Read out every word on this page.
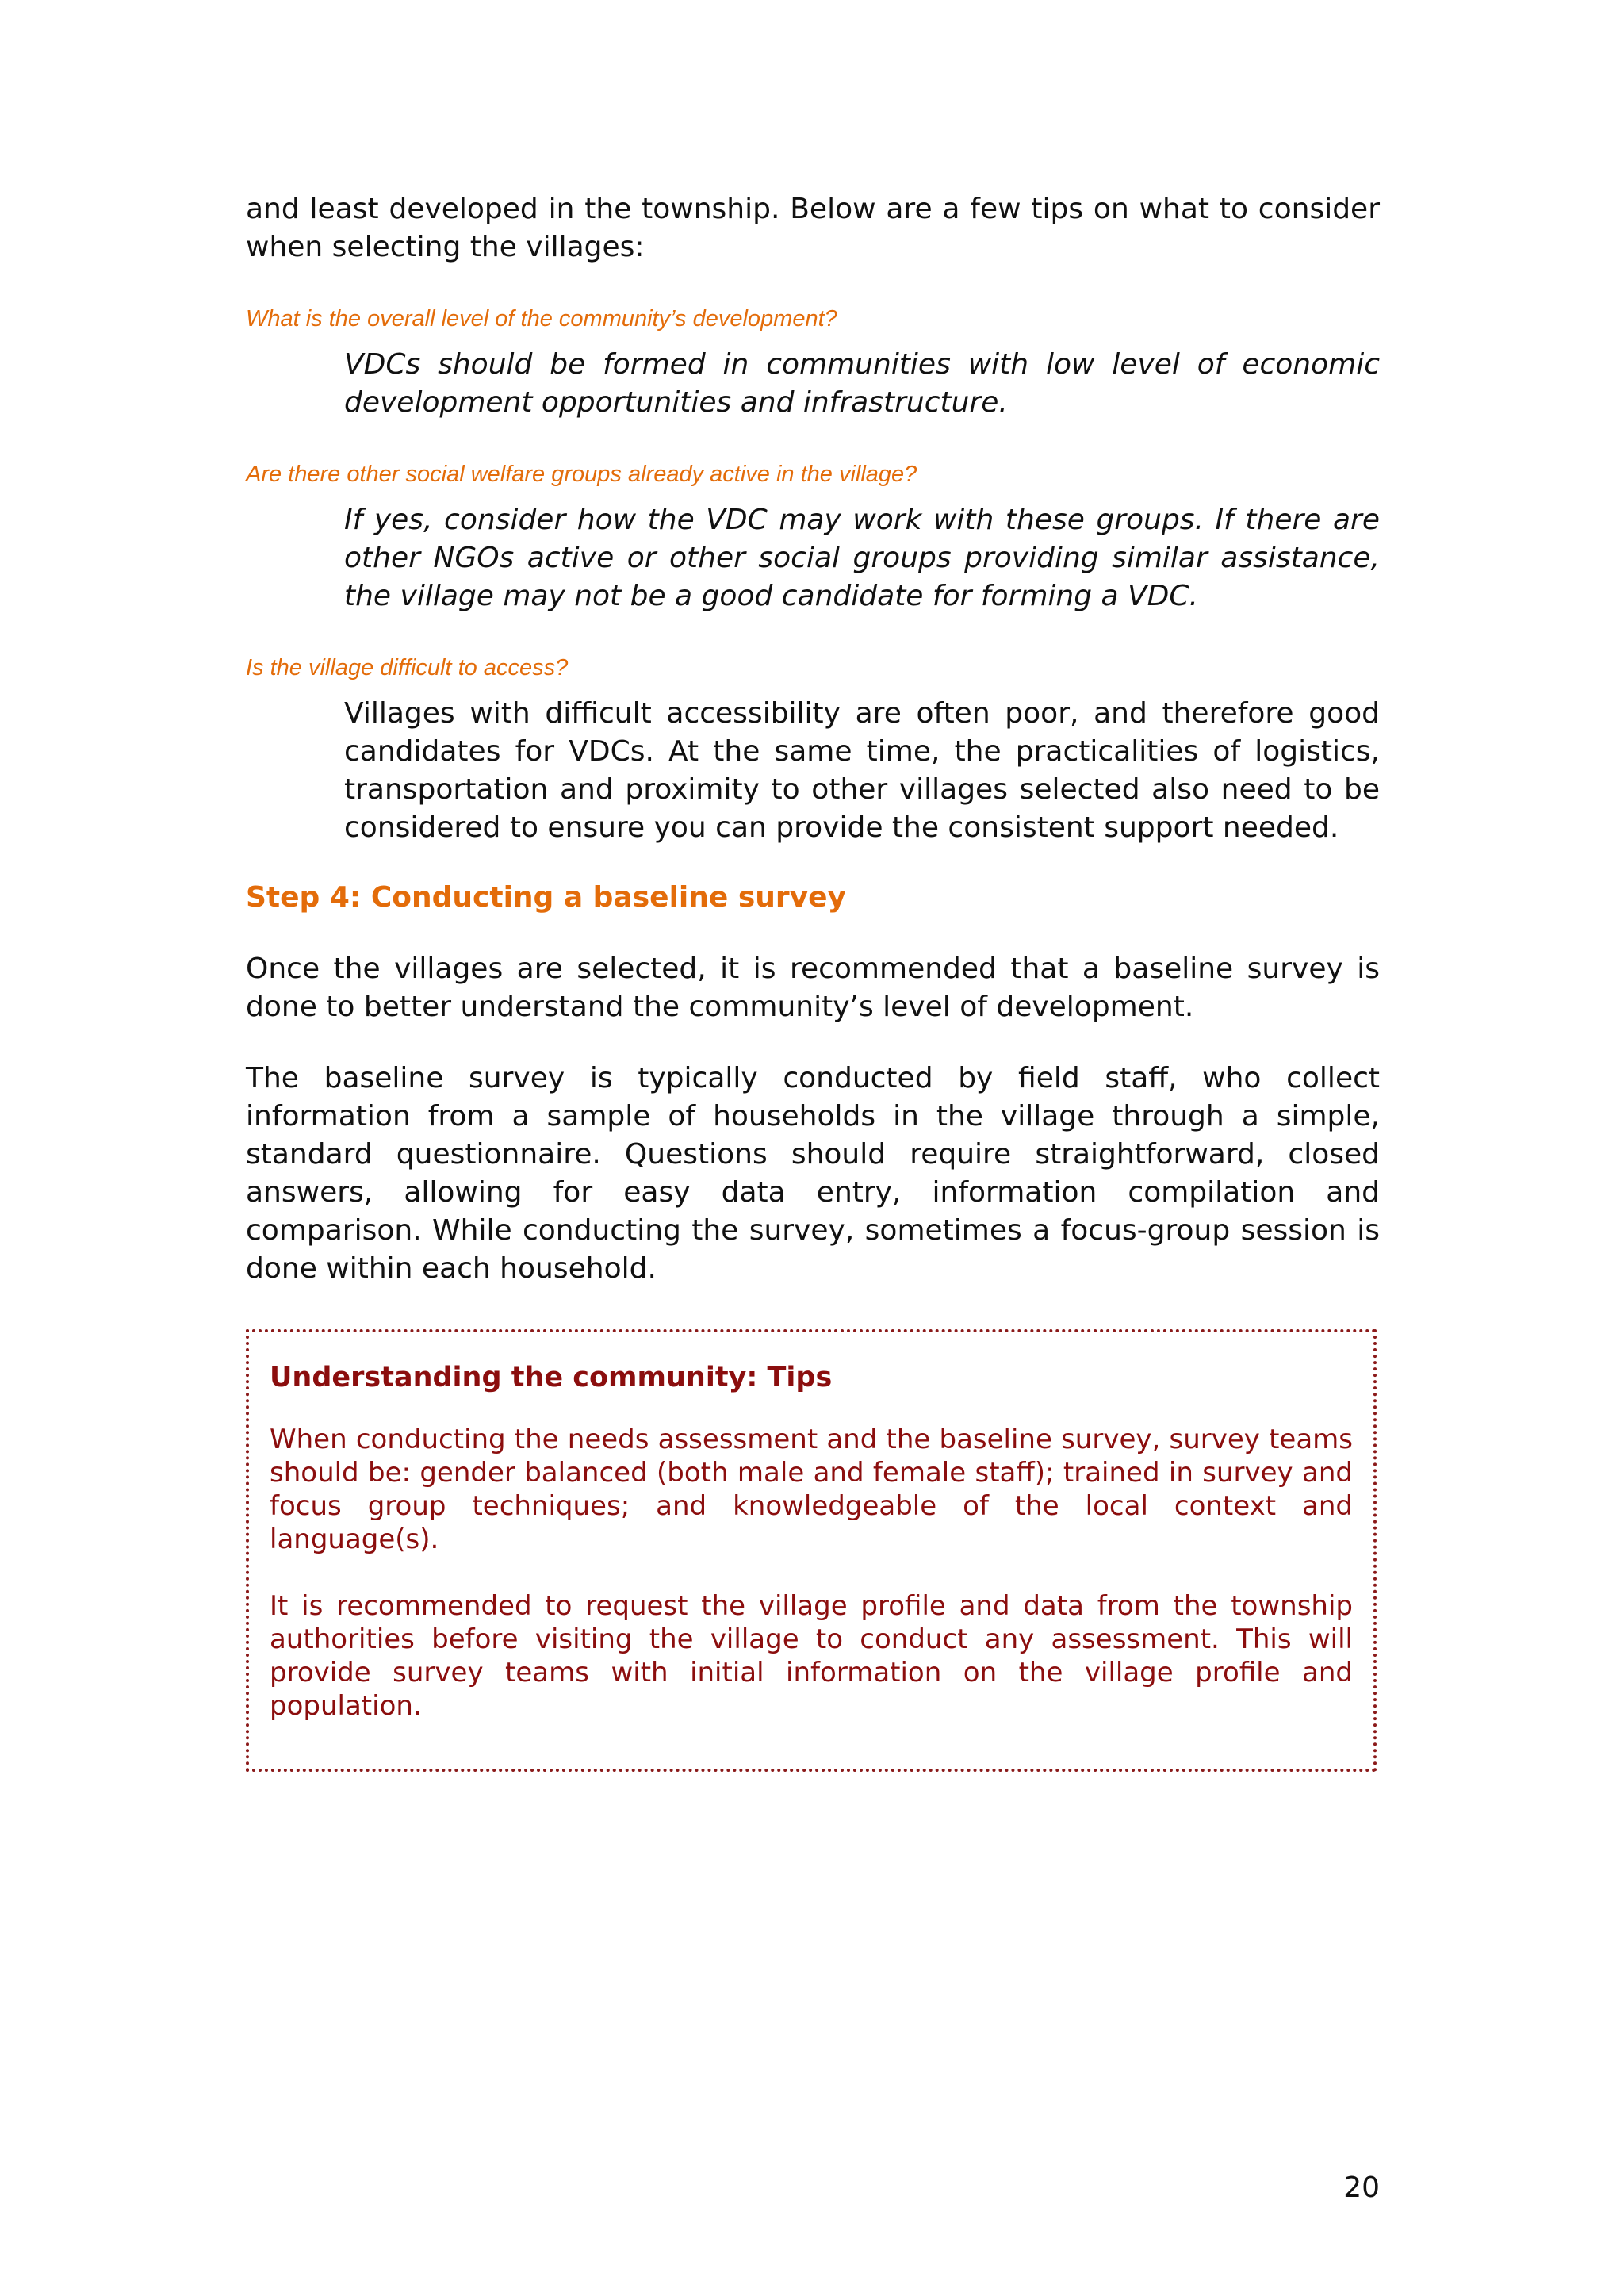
and least developed in the township. Below are a few tips on what to consider when selecting the villages:

What is the overall level of the community’s development?

VDCs should be formed in communities with low level of economic development opportunities and infrastructure.

Are there other social welfare groups already active in the village?

If yes, consider how the VDC may work with these groups. If there are other NGOs active or other social groups providing similar assistance, the village may not be a good candidate for forming a VDC.

Is the village difficult to access?

Villages with difficult accessibility are often poor, and therefore good candidates for VDCs. At the same time, the practicalities of logistics, transportation and proximity to other villages selected also need to be considered to ensure you can provide the consistent support needed.

Step 4: Conducting a baseline survey

Once the villages are selected, it is recommended that a baseline survey is done to better understand the community’s level of development.

The baseline survey is typically conducted by field staff, who collect information from a sample of households in the village through a simple, standard questionnaire. Questions should require straightforward, closed answers, allowing for easy data entry, information compilation and comparison. While conducting the survey, sometimes a focus-group session is done within each household.

Understanding the community: Tips

When conducting the needs assessment and the baseline survey, survey teams should be: gender balanced (both male and female staff); trained in survey and focus group techniques; and knowledgeable of the local context and language(s).

It is recommended to request the village profile and data from the township authorities before visiting the village to conduct any assessment. This will provide survey teams with initial information on the village profile and population.

20
